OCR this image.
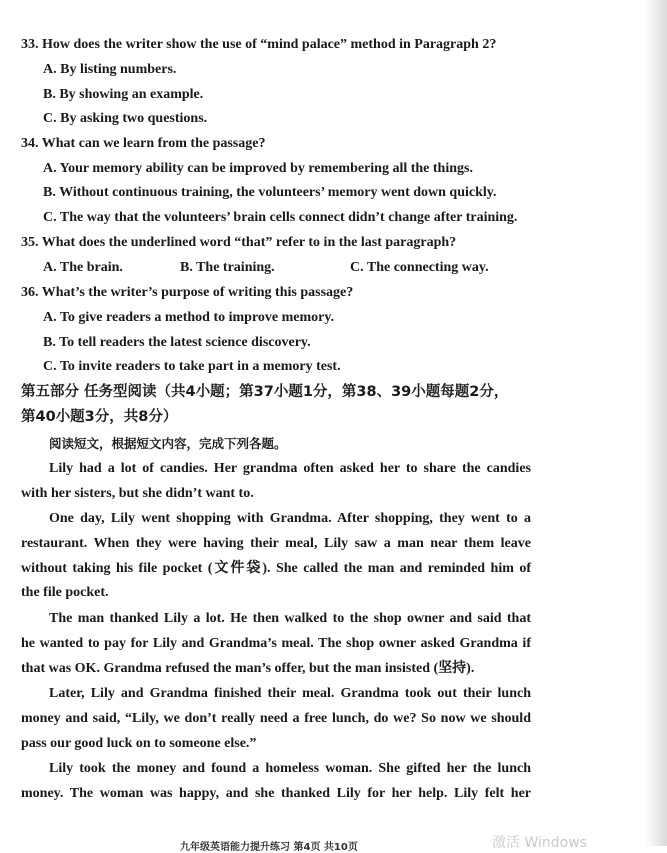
33. How does the writer show the use of “mind palace” method in Paragraph 2?
A. By listing numbers.
B. By showing an example.
C. By asking two questions.
34. What can we learn from the passage?
A. Your memory ability can be improved by remembering all the things.
B. Without continuous training, the volunteers’ memory went down quickly.
C. The way that the volunteers’ brain cells connect didn’t change after training.
35. What does the underlined word “that” refer to in the last paragraph?
A. The brain.	B. The training.	C. The connecting way.
36. What’s the writer’s purpose of writing this passage?
A. To give readers a method to improve memory.
B. To tell readers the latest science discovery.
C. To invite readers to take part in a memory test.
第五部分 任务型阅读（共4小题；第37小题1分，第38、39小题每题2分，
第40小题3分，共8分）
阅读短文，根据短文内容，完成下列各题。
Lily had a lot of candies. Her grandma often asked her to share the candies
with her sisters, but she didn’t want to.
One day, Lily went shopping with Grandma. After shopping, they went to a
restaurant. When they were having their meal, Lily saw a man near them leave
without taking his file pocket (文件袋). She called the man and reminded him of
the file pocket.
The man thanked Lily a lot. He then walked to the shop owner and said that
he wanted to pay for Lily and Grandma’s meal. The shop owner asked Grandma if
that was OK. Grandma refused the man’s offer, but the man insisted (坚持).
Later, Lily and Grandma finished their meal. Grandma took out their lunch
money and said, “Lily, we don’t really need a free lunch, do we? So now we should
pass our good luck on to someone else.”
Lily took the money and found a homeless woman. She gifted her the lunch
money. The woman was happy, and she thanked Lily for her help. Lily felt her
九年级英语能力提升练习 第4页 共10页	激活 Windows
